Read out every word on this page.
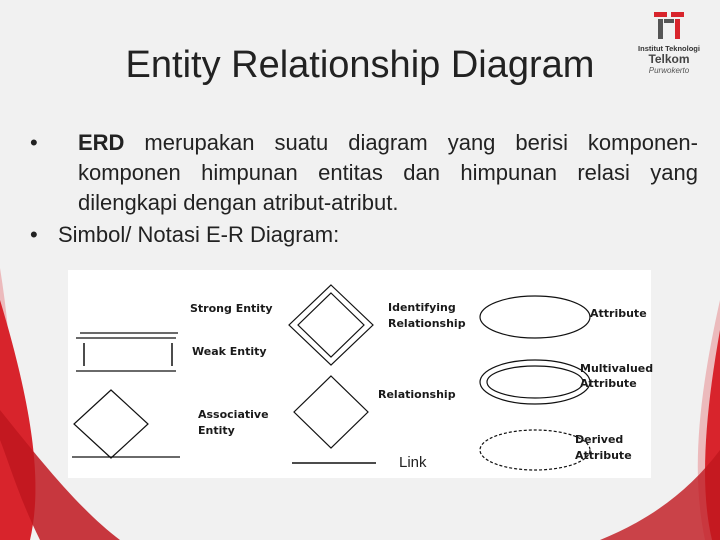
Entity Relationship Diagram	Institut Teknologi
Telkom
Purwokerto
• ERD merupakan suatu diagram yang berisi komponen-komponen himpunan entitas dan himpunan relasi yang dilengkapi dengan atribut-atribut.
• Simbol/ Notasi E-R Diagram:
Strong Entity
Weak Entity
Associative
Entity
Identifying
Relationship
Relationship
Link
Attribute
Multivalued
Attribute
Derived
Attribute
